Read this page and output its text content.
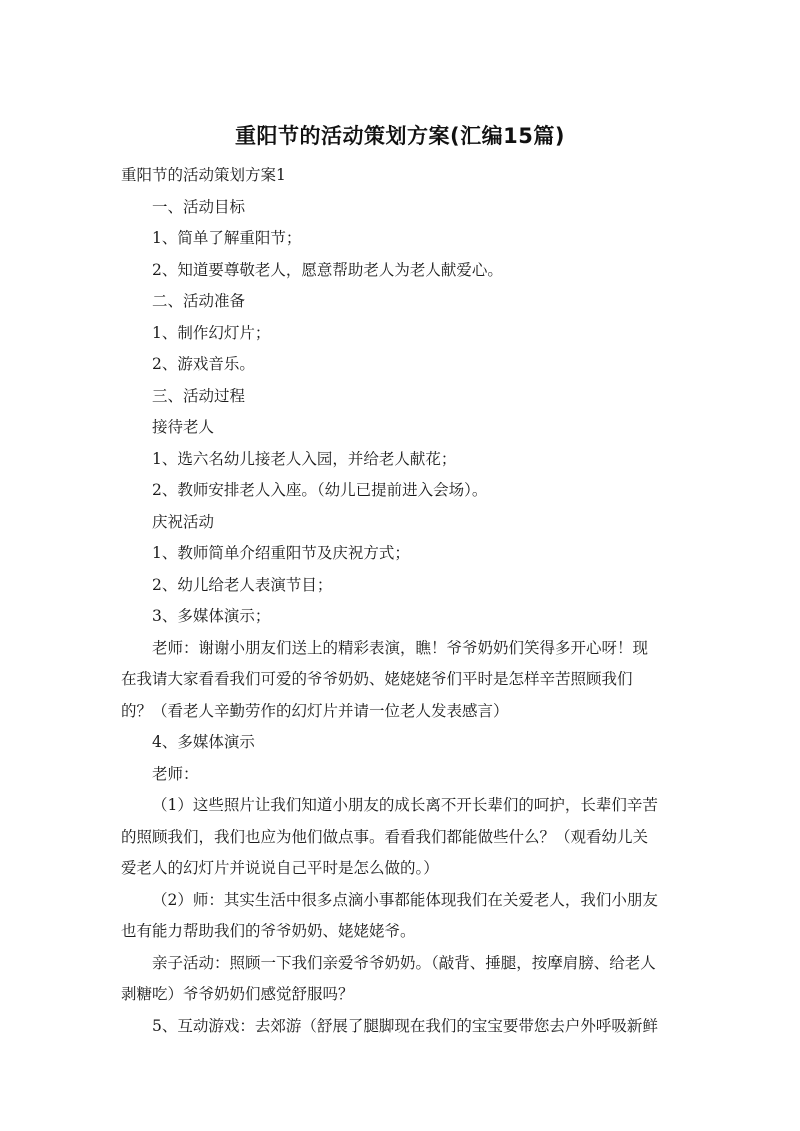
重阳节的活动策划方案(汇编15篇)
重阳节的活动策划方案1
一、活动目标
1、简单了解重阳节；
2、知道要尊敬老人，愿意帮助老人为老人献爱心。
二、活动准备
1、制作幻灯片；
2、游戏音乐。
三、活动过程
接待老人
1、选六名幼儿接老人入园，并给老人献花；
2、教师安排老人入座。（幼儿已提前进入会场）。
庆祝活动
1、教师简单介绍重阳节及庆祝方式；
2、幼儿给老人表演节目；
3、多媒体演示；
老师：谢谢小朋友们送上的精彩表演，瞧！爷爷奶奶们笑得多开心呀！现
在我请大家看看我们可爱的爷爷奶奶、姥姥姥爷们平时是怎样辛苦照顾我们
的？（看老人辛勤劳作的幻灯片并请一位老人发表感言）
4、多媒体演示
老师：
（1）这些照片让我们知道小朋友的成长离不开长辈们的呵护，长辈们辛苦
的照顾我们，我们也应为他们做点事。看看我们都能做些什么？（观看幼儿关
爱老人的幻灯片并说说自己平时是怎么做的。）
（2）师：其实生活中很多点滴小事都能体现我们在关爱老人，我们小朋友
也有能力帮助我们的爷爷奶奶、姥姥姥爷。
亲子活动：照顾一下我们亲爱爷爷奶奶。（敲背、捶腿，按摩肩膀、给老人
剥糖吃）爷爷奶奶们感觉舒服吗？
5、互动游戏：去郊游（舒展了腿脚现在我们的宝宝要带您去户外呼吸新鲜
